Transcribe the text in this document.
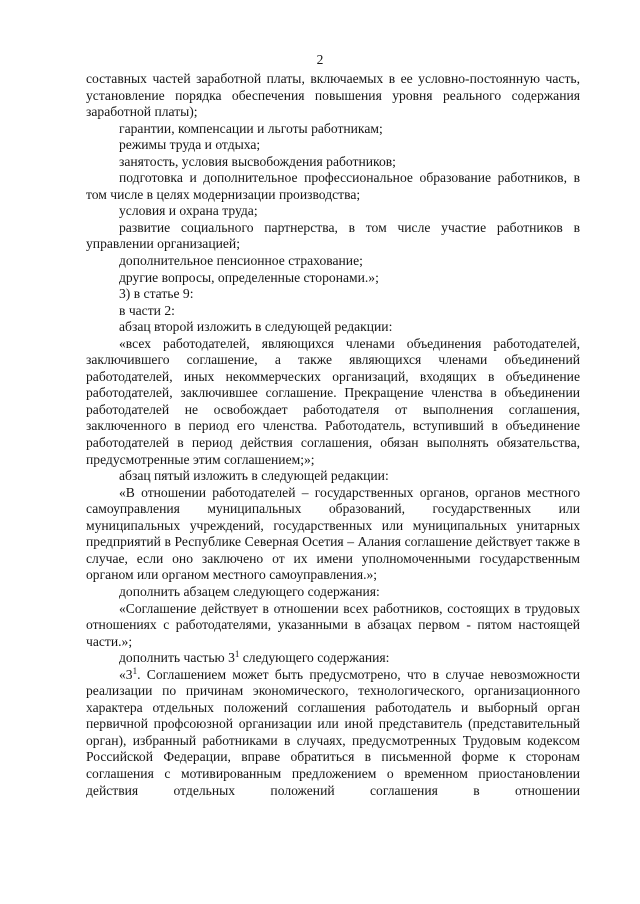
2
составных частей заработной платы, включаемых в ее условно-постоянную часть, установление порядка обеспечения повышения уровня реального содержания заработной платы);
гарантии, компенсации и льготы работникам;
режимы труда и отдыха;
занятость, условия высвобождения работников;
подготовка и дополнительное профессиональное образование работников, в том числе в целях модернизации производства;
условия и охрана труда;
развитие социального партнерства, в том числе участие работников в управлении организацией;
дополнительное пенсионное страхование;
другие вопросы, определенные сторонами.»;
3) в статье 9:
в части 2:
абзац второй изложить в следующей редакции:
«всех работодателей, являющихся членами объединения работодателей, заключившего соглашение, а также являющихся членами объединений работодателей, иных некоммерческих организаций, входящих в объединение работодателей, заключившее соглашение. Прекращение членства в объединении работодателей не освобождает работодателя от выполнения соглашения, заключенного в период его членства. Работодатель, вступивший в объединение работодателей в период действия соглашения, обязан выполнять обязательства, предусмотренные этим соглашением;»;
абзац пятый изложить в следующей редакции:
«В отношении работодателей – государственных органов, органов местного самоуправления муниципальных образований, государственных или муниципальных учреждений, государственных или муниципальных унитарных предприятий в Республике Северная Осетия – Алания соглашение действует также в случае, если оно заключено от их имени уполномоченными государственным органом или органом местного самоуправления.»;
дополнить абзацем следующего содержания:
«Соглашение действует в отношении всех работников, состоящих в трудовых отношениях с работодателями, указанными в абзацах первом - пятом настоящей части.»;
дополнить частью $3^1$ следующего содержания:
«$3^1$. Соглашением может быть предусмотрено, что в случае невозможности реализации по причинам экономического, технологического, организационного характера отдельных положений соглашения работодатель и выборный орган первичной профсоюзной организации или иной представитель (представительный орган), избранный работниками в случаях, предусмотренных Трудовым кодексом Российской Федерации, вправе обратиться в письменной форме к сторонам соглашения с мотивированным предложением о временном приостановлении действия отдельных положений соглашения в отношении
